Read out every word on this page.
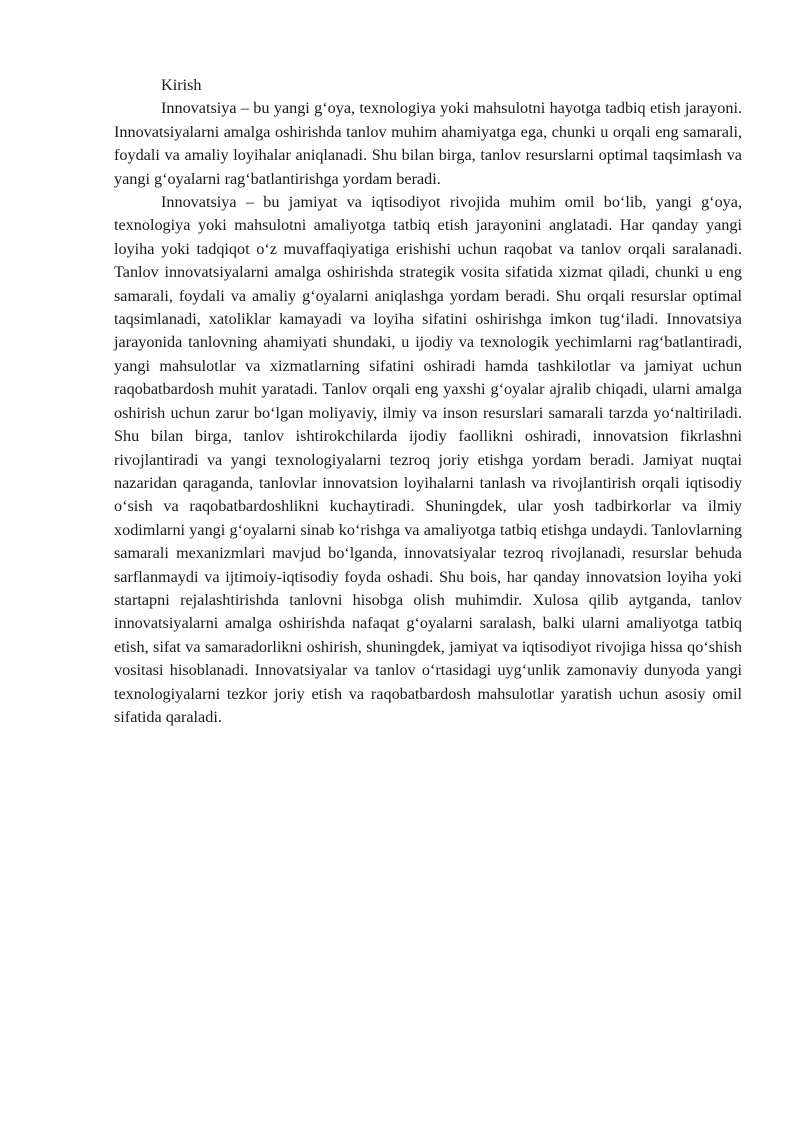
Kirish

Innovatsiya – bu yangi g‘oya, texnologiya yoki mahsulotni hayotga tadbiq etish jarayoni. Innovatsiyalarni amalga oshirishda tanlov muhim ahamiyatga ega, chunki u orqali eng samarali, foydali va amaliy loyihalar aniqlanadi. Shu bilan birga, tanlov resurslarni optimal taqsimlash va yangi g‘oyalarni rag‘batlantirishga yordam beradi.

Innovatsiya – bu jamiyat va iqtisodiyot rivojida muhim omil bo‘lib, yangi g‘oya, texnologiya yoki mahsulotni amaliyotga tatbiq etish jarayonini anglatadi. Har qanday yangi loyiha yoki tadqiqot o‘z muvaffaqiyatiga erishishi uchun raqobat va tanlov orqali saralanadi. Tanlov innovatsiyalarni amalga oshirishda strategik vosita sifatida xizmat qiladi, chunki u eng samarali, foydali va amaliy g‘oyalarni aniqlashga yordam beradi. Shu orqali resurslar optimal taqsimlanadi, xatoliklar kamayadi va loyiha sifatini oshirishga imkon tug‘iladi. Innovatsiya jarayonida tanlovning ahamiyati shundaki, u ijodiy va texnologik yechimlarni rag‘batlantiradi, yangi mahsulotlar va xizmatlarning sifatini oshiradi hamda tashkilotlar va jamiyat uchun raqobatbardosh muhit yaratadi. Tanlov orqali eng yaxshi g‘oyalar ajralib chiqadi, ularni amalga oshirish uchun zarur bo‘lgan moliyaviy, ilmiy va inson resurslari samarali tarzda yo‘naltiriladi. Shu bilan birga, tanlov ishtirokchilarda ijodiy faollikni oshiradi, innovatsion fikrlashni rivojlantiradi va yangi texnologiyalarni tezroq joriy etishga yordam beradi. Jamiyat nuqtai nazaridan qaraganda, tanlovlar innovatsion loyihalarni tanlash va rivojlantirish orqali iqtisodiy o‘sish va raqobatbardoshlikni kuchaytiradi. Shuningdek, ular yosh tadbirkorlar va ilmiy xodimlarni yangi g‘oyalarni sinab ko‘rishga va amaliyotga tatbiq etishga undaydi. Tanlovlarning samarali mexanizmlari mavjud bo‘lganda, innovatsiyalar tezroq rivojlanadi, resurslar behuda sarflanmaydi va ijtimoiy-iqtisodiy foyda oshadi. Shu bois, har qanday innovatsion loyiha yoki startapni rejalashtirishda tanlovni hisobga olish muhimdir. Xulosa qilib aytganda, tanlov innovatsiyalarni amalga oshirishda nafaqat g‘oyalarni saralash, balki ularni amaliyotga tatbiq etish, sifat va samaradorlikni oshirish, shuningdek, jamiyat va iqtisodiyot rivojiga hissa qo‘shish vositasi hisoblanadi. Innovatsiyalar va tanlov o‘rtasidagi uyg‘unlik zamonaviy dunyoda yangi texnologiyalarni tezkor joriy etish va raqobatbardosh mahsulotlar yaratish uchun asosiy omil sifatida qaraladi.
